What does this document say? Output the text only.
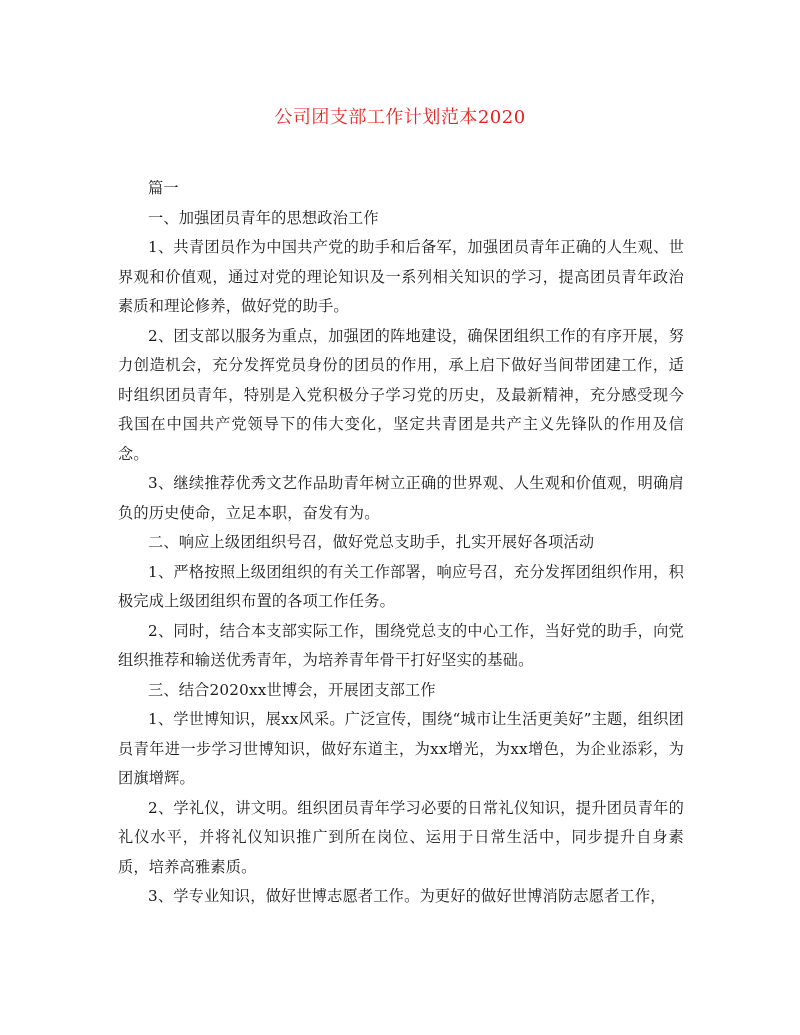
公司团支部工作计划范本2020

篇一

一、加强团员青年的思想政治工作

1、共青团员作为中国共产党的助手和后备军，加强团员青年正确的人生观、世界观和价值观，通过对党的理论知识及一系列相关知识的学习，提高团员青年政治素质和理论修养，做好党的助手。

2、团支部以服务为重点，加强团的阵地建设，确保团组织工作的有序开展，努力创造机会，充分发挥党员身份的团员的作用，承上启下做好当间带团建工作，适时组织团员青年，特别是入党积极分子学习党的历史，及最新精神，充分感受现今我国在中国共产党领导下的伟大变化，坚定共青团是共产主义先锋队的作用及信念。

3、继续推荐优秀文艺作品助青年树立正确的世界观、人生观和价值观，明确肩负的历史使命，立足本职，奋发有为。

二、响应上级团组织号召，做好党总支助手，扎实开展好各项活动

1、严格按照上级团组织的有关工作部署，响应号召，充分发挥团组织作用，积极完成上级团组织布置的各项工作任务。

2、同时，结合本支部实际工作，围绕党总支的中心工作，当好党的助手，向党组织推荐和输送优秀青年，为培养青年骨干打好坚实的基础。

三、结合2020xx世博会，开展团支部工作

1、学世博知识，展xx风采。广泛宣传，围绕“城市让生活更美好”主题，组织团员青年进一步学习世博知识，做好东道主，为xx增光，为xx增色，为企业添彩，为团旗增辉。

2、学礼仪，讲文明。组织团员青年学习必要的日常礼仪知识，提升团员青年的礼仪水平，并将礼仪知识推广到所在岗位、运用于日常生活中，同步提升自身素质，培养高雅素质。

3、学专业知识，做好世博志愿者工作。为更好的做好世博消防志愿者工作，
